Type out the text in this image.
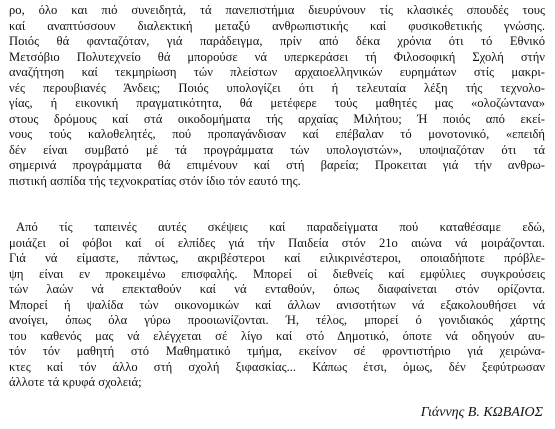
ρο, όλο και πιό συνειδητά, τά πανεπιστήμια διευρύνουν τίς κλασικές σπουδές τους
καί αναπτύσσουν διαλεκτική μεταξύ ανθρωπιστικής καί φυσικοθετικής γνώσης.
Ποιός θά φανταζόταν, γιά παράδειγμα, πρίν από δέκα χρόνια ότι τό Εθνικό
Μετσόβιο Πολυτεχνείο θά μπορούσε νά υπερκεράσει τή Φιλοσοφική Σχολή στήν
αναζήτηση καί τεκμηρίωση τών πλείστων αρχαιοελληνικών ευρημάτων στίς μακρι-
νές περουβιανές Άνδεις; Ποιός υπολογίζει ότι ή τελευταία λέξη τής τεχνολο-
γίας, ή εικονική πραγματικότητα, θά μετέφερε τούς μαθητές μας «ολοζώντανα»
στους δρόμους καί στά οικοδομήματα τής αρχαίας Μιλήτου; Ή ποιός από εκεί-
νους τούς καλοθελητές, πού προπαγάνδισαν καί επέβαλαν τό μονοτονικό, «επειδή
δέν είναι συμβατό μέ τά προγράμματα τών υπολογιστών», υποψιαζόταν ότι τά
σημερινά προγράμματα θά επιμένουν καί στή βαρεία; Προκειται γιά τήν ανθρω-
πιστική ασπίδα τής τεχνοκρατίας στόν ίδιο τόν εαυτό της.
Από τίς ταπεινές αυτές σκέψεις καί παραδείγματα πού καταθέσαμε εδώ,
μοιάζει οί φόβοι καί οί ελπίδες γιά τήν Παιδεία στόν 21ο αιώνα νά μοιράζονται.
Γιά νά είμαστε, πάντως, ακριβέστεροι καί ειλικρινέστεροι, οποιαδήποτε πρόβλε-
ψη είναι εν προκειμένω επισφαλής. Μπορεί οί διεθνείς καί εμφύλιες συγκρούσεις
τών λαών νά επεκταθούν καί νά ενταθούν, όπως διαφαίνεται στόν ορίζοντα.
Μπορεί ή ψαλίδα τών οικονομικών καί άλλων ανισοτήτων νά εξακολουθήσει νά
ανοίγει, όπως όλα γύρω προοιωνίζονται. Ή, τέλος, μπορεί ό γονιδιακός χάρτης
του καθενός μας νά ελέγχεται σέ λίγο καί στό Δημοτικό, όποτε νά οδηγούν αυ-
τόν τόν μαθητή στό Μαθηματικό τμήμα, εκείνον σέ φροντιστήριο γιά χειρώνα-
κτες καί τόν άλλο στή σχολή ξιφασκίας... Κάπως έτσι, όμως, δέν ξεφύτρωσαν
άλλοτε τά κρυφά σχολειά;
Γιάννης Β. ΚΩΒΑΙΟΣ
